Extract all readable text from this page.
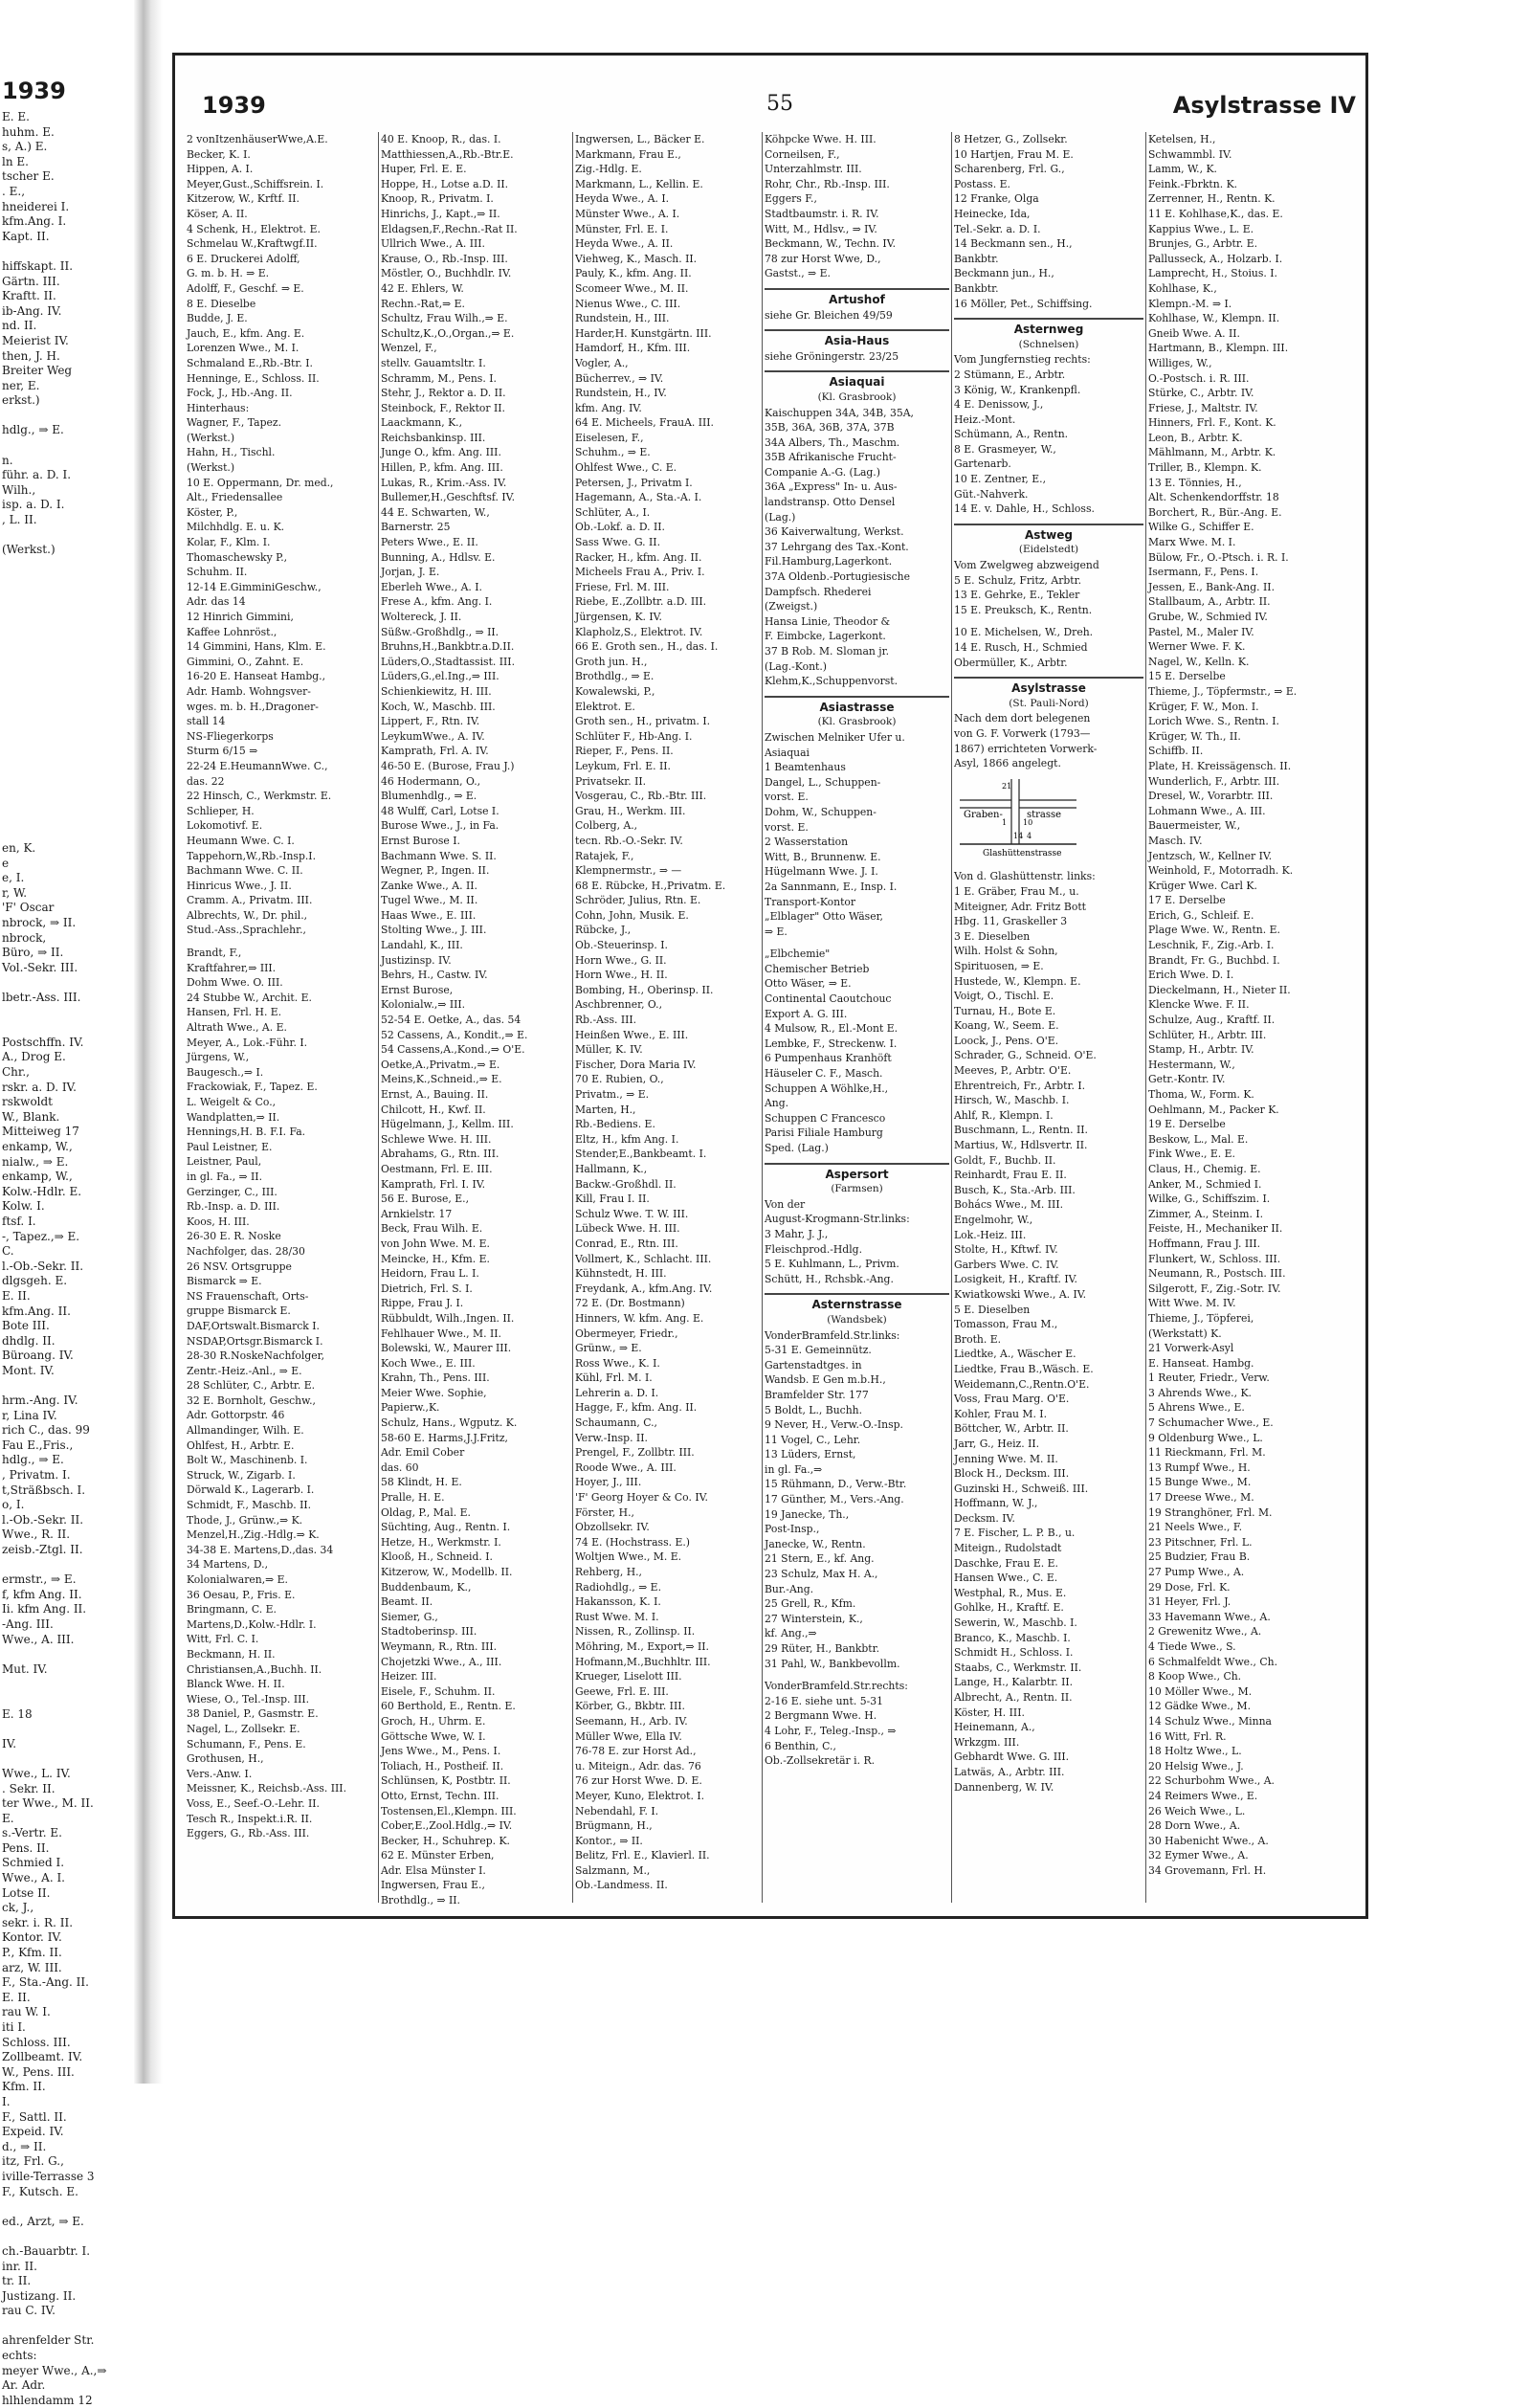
1939
E. E.
huhm. E.
s, A.) E.
ln E.
tscher E.
. E.,
hneiderei I.
kfm.Ang. I.
Kapt. II.
hiffskapt. II.
Gärtn. III.
Kraftt. II.
ib-Ang. IV.
nd. II.
Meierist IV.
then, J. H.
Breiter Weg
ner, E.
erkst.)
hdlg., ⇒ E.
n.
führ. a. D. I.
Wilh.,
isp. a. D. I.
, L. II.
(Werkst.)
en, K.
e
e, I.
r, W.
'F' Oscar
nbrock, ⇒ II.
nbrock,
Büro, ⇒ II.
Vol.-Sekr. III.
lbetr.-Ass. III.
Postschffn. IV.
A., Drog E.
Chr.,
rskr. a. D. IV.
rskwoldt
W., Blank.
Mitteiweg 17
enkamp, W.,
nialw., ⇒ E.
enkamp, W.,
Kolw.-Hdlr. E.
Kolw. I.
ftsf. I.
-, Tapez.,⇒ E.
C.
l.-Ob.-Sekr. II.
dlgsgeh. E.
E. II.
kfm.Ang. II.
Bote III.
dhdlg. II.
Büroang. IV.
Mont. IV.
hrm.-Ang. IV.
r, Lina IV.
rich C., das. 99
Fau E.,Fris.,
hdlg., ⇒ E.
, Privatm. I.
t,Sträßbsch. I.
o, I.
l.-Ob.-Sekr. II.
Wwe., R. II.
zeisb.-Ztgl. II.
ermstr., ⇒ E.
f, kfm Ang. II.
Ii. kfm Ang. II.
-Ang. III.
Wwe., A. III.
Mut. IV.
E. 18
IV.
Wwe., L. IV.
. Sekr. II.
ter Wwe., M. II.
E.
s.-Vertr. E.
Pens. II.
Schmied I.
Wwe., A. I.
Lotse II.
ck, J.,
sekr. i. R. II.
Kontor. IV.
P., Kfm. II.
arz, W. III.
F., Sta.-Ang. II.
E. II.
rau W. I.
iti I.
Schloss. III.
Zollbeamt. IV.
W., Pens. III.
Kfm. II.
I.
F., Sattl. II.
Expeid. IV.
d., ⇒ II.
itz, Frl. G.,
iville-Terrasse 3
F., Kutsch. E.
ed., Arzt, ⇒ E.
ch.-Bauarbtr. I.
inr. II.
tr. II.
Justizang. II.
rau C. IV.
ahrenfelder Str.
echts:
meyer Wwe., A.,⇒
Ar. Adr.
hlhlendamm 12
1939	55	Asylstrasse IV
2 vonItzenhäuserWwe,A.E.
Becker, K. I.
Hippen, A. I.
Meyer,Gust.,Schiffsrein. I.
Kitzerow, W., Krftf. II.
Köser, A. II.
4 Schenk, H., Elektrot. E.
Schmelau W.,Kraftwgf.II.
6 E. Druckerei Adolff,
G. m. b. H. ⇒ E.
Adolff, F., Geschf. ⇒ E.
8 E. Dieselbe
Budde, J. E.
Jauch, E., kfm. Ang. E.
Lorenzen Wwe., M. I.
Schmaland E.,Rb.-Btr. I.
Henninge, E., Schloss. II.
Fock, J., Hb.-Ang. II.
Hinterhaus:
Wagner, F., Tapez.
(Werkst.)
Hahn, H., Tischl.
(Werkst.)
10 E. Oppermann, Dr. med.,
Alt., Friedensallee
Köster, P.,
Milchhdlg. E. u. K.
Kolar, F., Klm. I.
Thomaschewsky P.,
Schuhm. II.
12-14 E.GimminiGeschw.,
Adr. das 14
12 Hinrich Gimmini,
Kaffee Lohnröst.,
14 Gimmini, Hans, Klm. E.
Gimmini, O., Zahnt. E.
16-20 E. Hanseat Hambg.,
Adr. Hamb. Wohngsver-
wges. m. b. H.,Dragoner-
stall 14
NS-Fliegerkorps
Sturm 6/15 ⇒
22-24 E.HeumannWwe. C.,
das. 22
22 Hinsch, C., Werkmstr. E.
Schlieper, H.
Lokomotivf. E.
Heumann Wwe. C. I.
Tappehorn,W.,Rb.-Insp.I.
Bachmann Wwe. C. II.
Hinricus Wwe., J. II.
Cramm. A., Privatm. III.
Albrechts, W., Dr. phil.,
Stud.-Ass.,Sprachlehr.,
Brandt, F.,
Kraftfahrer,⇒ III.
Dohm Wwe. O. III.
24 Stubbe W., Archit. E.
Hansen, Frl. H. E.
Altrath Wwe., A. E.
Meyer, A., Lok.-Führ. I.
Jürgens, W.,
Baugesch.,⇒ I.
Frackowiak, F., Tapez. E.
L. Weigelt & Co.,
Wandplatten,⇒ II.
Hennings,H. B. F.I. Fa.
Paul Leistner, E.
Leistner, Paul,
in gl. Fa., ⇒ II.
Gerzinger, C., III.
Rb.-Insp. a. D. III.
Koos, H. III.
26-30 E. R. Noske
Nachfolger, das. 28/30
26 NSV. Ortsgruppe
Bismarck ⇒ E.
NS Frauenschaft, Orts-
gruppe Bismarck E.
DAF,Ortswalt.Bismarck I.
NSDAP,Ortsgr.Bismarck I.
28-30 R.NoskeNachfolger,
Zentr.-Heiz.-Anl., ⇒ E.
28 Schlüter, C., Arbtr. E.
32 E. Bornholt, Geschw.,
Adr. Gottorpstr. 46
Allmandinger, Wilh. E.
Ohlfest, H., Arbtr. E.
Bolt W., Maschinenb. I.
Struck, W., Zigarb. I.
Dörwald K., Lagerarb. I.
Schmidt, F., Maschb. II.
Thode, J., Grünw.,⇒ K.
Menzel,H.,Zig.-Hdlg.⇒ K.
34-38 E. Martens,D.,das. 34
34 Martens, D.,
Kolonialwaren,⇒ E.
36 Oesau, P., Fris. E.
Bringmann, C. E.
Martens,D.,Kolw.-Hdlr. I.
Witt, Frl. C. I.
Beckmann, H. II.
Christiansen,A.,Buchh. II.
Blanck Wwe. H. II.
Wiese, O., Tel.-Insp. III.
38 Daniel, P., Gasmstr. E.
Nagel, L., Zollsekr. E.
Schumann, F., Pens. E.
Grothusen, H.,
Vers.-Anw. I.
Meissner, K., Reichsb.-Ass. III.
Voss, E., Seef.-O.-Lehr. II.
Tesch R., Inspekt.i.R. II.
Eggers, G., Rb.-Ass. III.
40 E. Knoop, R., das. I.
Matthiessen,A.,Rb.-Btr.E.
Huper, Frl. E. E.
Hoppe, H., Lotse a.D. II.
Knoop, R., Privatm. I.
Hinrichs, J., Kapt.,⇒ II.
Eldagsen,F.,Rechn.-Rat II.
Ullrich Wwe., A. III.
Krause, O., Rb.-Insp. III.
Möstler, O., Buchhdlr. IV.
42 E. Ehlers, W.
Rechn.-Rat,⇒ E.
Schultz, Frau Wilh.,⇒ E.
Schultz,K.,O.,Organ.,⇒ E.
Wenzel, F.,
stellv. Gauamtsltr. I.
Schramm, M., Pens. I.
Stehr, J., Rektor a. D. II.
Steinbock, F., Rektor II.
Laackmann, K.,
Reichsbankinsp. III.
Junge O., kfm. Ang. III.
Hillen, P., kfm. Ang. III.
Lukas, R., Krim.-Ass. IV.
Bullemer,H.,Geschftsf. IV.
44 E. Schwarten, W.,
Barnerstr. 25
Peters Wwe., E. II.
Bunning, A., Hdlsv. E.
Jorjan, J. E.
Eberleh Wwe., A. I.
Frese A., kfm. Ang. I.
Woltereck, J. II.
Süßw.-Großhdlg., ⇒ II.
Bruhns,H.,Bankbtr.a.D.II.
Lüders,O.,Stadtassist. III.
Lüders,G.,el.Ing.,⇒ III.
Schienkiewitz, H. III.
Koch, W., Maschb. III.
Lippert, F., Rtn. IV.
LeykumWwe., A. IV.
Kamprath, Frl. A. IV.
46-50 E. (Burose, Frau J.)
46 Hodermann, O.,
Blumenhdlg., ⇒ E.
48 Wulff, Carl, Lotse I.
Burose Wwe., J., in Fa.
Ernst Burose I.
Bachmann Wwe. S. II.
Wegner, P., Ingen. II.
Zanke Wwe., A. II.
Tugel Wwe., M. II.
Haas Wwe., E. III.
Stolting Wwe., J. III.
Landahl, K., III.
Justizinsp. IV.
Behrs, H., Castw. IV.
Ernst Burose,
Kolonialw.,⇒ III.
52-54 E. Oetke, A., das. 54
52 Cassens, A., Kondit.,⇒ E.
54 Cassens,A.,Kond.,⇒ O'E.
Oetke,A.,Privatm.,⇒ E.
Meins,K.,Schneid.,⇒ E.
Ernst, A., Bauing. II.
Chilcott, H., Kwf. II.
Hügelmann, J., Kellm. III.
Schlewe Wwe. H. III.
Abrahams, G., Rtn. III.
Oestmann, Frl. E. III.
Kamprath, Frl. I. IV.
56 E. Burose, E.,
Arnkielstr. 17
Beck, Frau Wilh. E.
von John Wwe. M. E.
Meincke, H., Kfm. E.
Heidorn, Frau L. I.
Dietrich, Frl. S. I.
Rippe, Frau J. I.
Rübbuldt, Wilh.,Ingen. II.
Fehlhauer Wwe., M. II.
Bolewski, W., Maurer III.
Koch Wwe., E. III.
Krahn, Th., Pens. III.
Meier Wwe. Sophie,
Papierw.,K.
Schulz, Hans., Wgputz. K.
58-60 E. Harms,J.J.Fritz,
Adr. Emil Cober
das. 60
58 Klindt, H. E.
Pralle, H. E.
Oldag, P., Mal. E.
Süchting, Aug., Rentn. I.
Hetze, H., Werkmstr. I.
Klooß, H., Schneid. I.
Kitzerow, W., Modellb. II.
Buddenbaum, K.,
Beamt. II.
Siemer, G.,
Stadtoberinsp. III.
Weymann, R., Rtn. III.
Chojetzki Wwe., A., III.
Heizer. III.
Eisele, F., Schuhm. II.
60 Berthold, E., Rentn. E.
Groch, H., Uhrm. E.
Göttsche Wwe, W. I.
Jens Wwe., M., Pens. I.
Toliach, H., Postheif. II.
Schlünsen, K, Postbtr. II.
Otto, Ernst, Techn. III.
Tostensen,El.,Klempn. III.
Cober,E.,Zool.Hdlg.,⇒ IV.
Becker, H., Schuhrep. K.
62 E. Münster Erben,
Adr. Elsa Münster I.
Ingwersen, Frau E.,
Brothdlg., ⇒ II.
Ingwersen, L., Bäcker E.
Markmann, Frau E.,
Zig.-Hdlg. E.
Markmann, L., Kellin. E.
Heyda Wwe., A. I.
Münster Wwe., A. I.
Münster, Frl. E. I.
Heyda Wwe., A. II.
Viehweg, K., Masch. II.
Pauly, K., kfm. Ang. II.
Scomeer Wwe., M. II.
Nienus Wwe., C. III.
Rundstein, H., III.
Harder,H. Kunstgärtn. III.
Hamdorf, H., Kfm. III.
Vogler, A.,
Bücherrev., ⇒ IV.
Rundstein, H., IV.
kfm. Ang. IV.
64 E. Micheels, FrauA. III.
Eiselesen, F.,
Schuhm., ⇒ E.
Ohlfest Wwe., C. E.
Petersen, J., Privatm I.
Hagemann, A., Sta.-A. I.
Schlüter, A., I.
Ob.-Lokf. a. D. II.
Sass Wwe. G. II.
Racker, H., kfm. Ang. II.
Micheels Frau A., Priv. I.
Friese, Frl. M. III.
Riebe, E.,Zollbtr. a.D. III.
Jürgensen, K. IV.
Klapholz,S., Elektrot. IV.
66 E. Groth sen., H., das. I.
Groth jun. H.,
Brothdlg., ⇒ E.
Kowalewski, P.,
Elektrot. E.
Groth sen., H., privatm. I.
Schlüter F., Hb-Ang. I.
Rieper, F., Pens. II.
Leykum, Frl. E. II.
Privatsekr. II.
Vosgerau, C., Rb.-Btr. III.
Grau, H., Werkm. III.
Colberg, A.,
tecn. Rb.-O.-Sekr. IV.
Ratajek, F.,
Klempnermstr., ⇒ —
68 E. Rübcke, H.,Privatm. E.
Schröder, Julius, Rtn. E.
Cohn, John, Musik. E.
Rübcke, J.,
Ob.-Steuerinsp. I.
Horn Wwe., G. II.
Horn Wwe., H. II.
Bombing, H., Oberinsp. II.
Aschbrenner, O.,
Rb.-Ass. III.
Heinßen Wwe., E. III.
Müller, K. IV.
Fischer, Dora Maria IV.
70 E. Rubien, O.,
Privatm., ⇒ E.
Marten, H.,
Rb.-Bediens. E.
Eltz, H., kfm Ang. I.
Stender,E.,Bankbeamt. I.
Hallmann, K.,
Backw.-Großhdl. II.
Kill, Frau I. II.
Schulz Wwe. T. W. III.
Lübeck Wwe. H. III.
Conrad, E., Rtn. III.
Vollmert, K., Schlacht. III.
Kühnstedt, H. III.
Freydank, A., kfm.Ang. IV.
72 E. (Dr. Bostmann)
Hinners, W. kfm. Ang. E.
Obermeyer, Friedr.,
Grünw., ⇒ E.
Ross Wwe., K. I.
Kühl, Frl. M. I.
Lehrerin a. D. I.
Hagge, F., kfm. Ang. II.
Schaumann, C.,
Verw.-Insp. II.
Prengel, F., Zollbtr. III.
Roode Wwe., A. III.
Hoyer, J., III.
'F' Georg Hoyer & Co. IV.
Förster, H.,
Obzollsekr. IV.
74 E. (Hochstrass. E.)
Woltjen Wwe., M. E.
Rehberg, H.,
Radiohdlg., ⇒ E.
Hakansson, K. I.
Rust Wwe. M. I.
Nissen, R., Zollinsp. II.
Möhring, M., Export,⇒ II.
Hofmann,M.,Buchhltr. III.
Krueger, Liselott III.
Geewe, Frl. E. III.
Körber, G., Bkbtr. III.
Seemann, H., Arb. IV.
Müller Wwe, Ella IV.
76-78 E. zur Horst Ad.,
u. Miteign., Adr. das. 76
76 zur Horst Wwe. D. E.
Meyer, Kuno, Elektrot. I.
Nebendahl, F. I.
Brügmann, H.,
Kontor., ⇒ II.
Belitz, Frl. E., Klavierl. II.
Salzmann, M.,
Ob.-Landmess. II.
Köhpcke Wwe. H. III.
Corneilsen, F.,
Unterzahlmstr. III.
Rohr, Chr., Rb.-Insp. III.
Eggers F.,
Stadtbaumstr. i. R. IV.
Witt, M., Hdlsv., ⇒ IV.
Beckmann, W., Techn. IV.
78 zur Horst Wwe, D.,
Gastst., ⇒ E.
Artushof
siehe Gr. Bleichen 49/59
Asia-Haus
siehe Gröningerstr. 23/25
Asiaquai
(Kl. Grasbrook)
Kaischuppen 34A, 34B, 35A,
35B, 36A, 36B, 37A, 37B
34A Albers, Th., Maschm.
35B Afrikanische Frucht-
Companie A.-G. (Lag.)
36A „Express" In- u. Aus-
landstransp. Otto Densel
(Lag.)
36 Kaiverwaltung, Werkst.
37 Lehrgang des Tax.-Kont.
Fil.Hamburg,Lagerkont.
37A Oldenb.-Portugiesische
Dampfsch. Rhederei
(Zweigst.)
Hansa Linie, Theodor &
F. Eimbcke, Lagerkont.
37 B Rob. M. Sloman jr.
(Lag.-Kont.)
Klehm,K.,Schuppenvorst.
Asiastrasse
(Kl. Grasbrook)
Zwischen Melniker Ufer u.
Asiaquai
1 Beamtenhaus
Dangel, L., Schuppen-
vorst. E.
Dohm, W., Schuppen-
vorst. E.
2 Wasserstation
Witt, B., Brunnenw. E.
Hügelmann Wwe. J. I.
2a Sannmann, E., Insp. I.
Transport-Kontor
„Elblager" Otto Wäser,
⇒ E.
„Elbchemie"
Chemischer Betrieb
Otto Wäser, ⇒ E.
Continental Caoutchouc
Export A. G. III.
4 Mulsow, R., El.-Mont E.
Lembke, F., Streckenw. I.
6 Pumpenhaus Kranhöft
Häuseler C. F., Masch.
Schuppen A Wöhlke,H.,
Ang.
Schuppen C Francesco
Parisi Filiale Hamburg
Sped. (Lag.)
Aspersort
(Farmsen)
Von der
August-Krogmann-Str.links:
3 Mahr, J. J.,
Fleischprod.-Hdlg.
5 E. Kuhlmann, L., Privm.
Schütt, H., Rchsbk.-Ang.
Asternstrasse
(Wandsbek)
VonderBramfeld.Str.links:
5-31 E. Gemeinnütz.
Gartenstadtges. in
Wandsb. E Gen m.b.H.,
Bramfelder Str. 177
5 Boldt, L., Buchh.
9 Never, H., Verw.-O.-Insp.
11 Vogel, C., Lehr.
13 Lüders, Ernst,
in gl. Fa.,⇒
15 Rühmann, D., Verw.-Btr.
17 Günther, M., Vers.-Ang.
19 Janecke, Th.,
Post-Insp.,
Janecke, W., Rentn.
21 Stern, E., kf. Ang.
23 Schulz, Max H. A.,
Bur.-Ang.
25 Grell, R., Kfm.
27 Winterstein, K.,
kf. Ang.,⇒
29 Rüter, H., Bankbtr.
31 Pahl, W., Bankbevollm.
VonderBramfeld.Str.rechts:
2-16 E. siehe unt. 5-31
2 Bergmann Wwe. H.
4 Lohr, F., Teleg.-Insp., ⇒
6 Benthin, C.,
Ob.-Zollsekretär i. R.
8 Hetzer, G., Zollsekr.
10 Hartjen, Frau M. E.
Scharenberg, Frl. G.,
Postass. E.
12 Franke, Olga
Heinecke, Ida,
Tel.-Sekr. a. D. I.
14 Beckmann sen., H.,
Bankbtr.
Beckmann jun., H.,
Bankbtr.
16 Möller, Pet., Schiffsing.
Asternweg
(Schnelsen)
Vom Jungfernstieg rechts:
2 Stümann, E., Arbtr.
3 König, W., Krankenpfl.
4 E. Denissow, J.,
Heiz.-Mont.
Schümann, A., Rentn.
8 E. Grasmeyer, W.,
Gartenarb.
10 E. Zentner, E.,
Güt.-Nahverk.
14 E. v. Dahle, H., Schloss.
Astweg
(Eidelstedt)
Vom Zwelgweg abzweigend
5 E. Schulz, Fritz, Arbtr.
13 E. Gehrke, E., Tekler
15 E. Preuksch, K., Rentn.
10 E. Michelsen, W., Dreh.
14 E. Rusch, H., Schmied
Obermüller, K., Arbtr.
Asylstrasse
(St. Pauli-Nord)
Nach dem dort belegenen
von G. F. Vorwerk (1793—
1867) errichteten Vorwerk-
Asyl, 1866 angelegt.
Graben-	strasse
21
1 10
14 4
Glashüttenstrasse
Von d. Glashüttenstr. links:
1 E. Gräber, Frau M., u.
Miteigner, Adr. Fritz Bott
Hbg. 11, Graskeller 3
3 E. Dieselben
Wilh. Holst & Sohn,
Spirituosen, ⇒ E.
Hustede, W., Klempn. E.
Voigt, O., Tischl. E.
Turnau, H., Bote E.
Koang, W., Seem. E.
Loock, J., Pens. O'E.
Schrader, G., Schneid. O'E.
Meeves, P., Arbtr. O'E.
Ehrentreich, Fr., Arbtr. I.
Hirsch, W., Maschb. I.
Ahlf, R., Klempn. I.
Buschmann, L., Rentn. II.
Martius, W., Hdlsvertr. II.
Goldt, F., Buchb. II.
Reinhardt, Frau E. II.
Busch, K., Sta.-Arb. III.
Bohács Wwe., M. III.
Engelmohr, W.,
Lok.-Heiz. III.
Stolte, H., Kftwf. IV.
Garbers Wwe. C. IV.
Losigkeit, H., Kraftf. IV.
Kwiatkowski Wwe., A. IV.
5 E. Dieselben
Tomasson, Frau M.,
Broth. E.
Liedtke, A., Wäscher E.
Liedtke, Frau B.,Wäsch. E.
Weidemann,C.,Rentn.O'E.
Voss, Frau Marg. O'E.
Kohler, Frau M. I.
Böttcher, W., Arbtr. II.
Jarr, G., Heiz. II.
Jenning Wwe. M. II.
Block H., Decksm. III.
Guzinski H., Schweiß. III.
Hoffmann, W. J.,
Decksm. IV.
7 E. Fischer, L. P. B., u.
Miteign., Rudolstadt
Daschke, Frau E. E.
Hansen Wwe., C. E.
Westphal, R., Mus. E.
Gohlke, H., Kraftf. E.
Sewerin, W., Maschb. I.
Branco, K., Maschb. I.
Schmidt H., Schloss. I.
Staabs, C., Werkmstr. II.
Lange, H., Kalarbtr. II.
Albrecht, A., Rentn. II.
Köster, H. III.
Heinemann, A.,
Wrkzgm. III.
Gebhardt Wwe. G. III.
Latwäs, A., Arbtr. III.
Dannenberg, W. IV.
Ketelsen, H.,
Schwammbl. IV.
Lamm, W., K.
Feink.-Fbrktn. K.
Zerrenner, H., Rentn. K.
11 E. Kohlhase,K., das. E.
Kappius Wwe., L. E.
Brunjes, G., Arbtr. E.
Pallusseck, A., Holzarb. I.
Lamprecht, H., Stoius. I.
Kohlhase, K.,
Klempn.-M. ⇒ I.
Kohlhase, W., Klempn. II.
Gneib Wwe. A. II.
Hartmann, B., Klempn. III.
Williges, W.,
O.-Postsch. i. R. III.
Stürke, C., Arbtr. IV.
Friese, J., Maltstr. IV.
Hinners, Frl. F., Kont. K.
Leon, B., Arbtr. K.
Mählmann, M., Arbtr. K.
Triller, B., Klempn. K.
13 E. Tönnies, H.,
Alt. Schenkendorffstr. 18
Borchert, R., Bür.-Ang. E.
Wilke G., Schiffer E.
Marx Wwe. M. I.
Bülow, Fr., O.-Ptsch. i. R. I.
Isermann, F., Pens. I.
Jessen, E., Bank-Ang. II.
Stallbaum, A., Arbtr. II.
Grube, W., Schmied IV.
Pastel, M., Maler IV.
Werner Wwe. F. K.
Nagel, W., Kelln. K.
15 E. Derselbe
Thieme, J., Töpfermstr., ⇒ E.
Krüger, F. W., Mon. I.
Lorich Wwe. S., Rentn. I.
Krüger, W. Th., II.
Schiffb. II.
Plate, H. Kreissägensch. II.
Wunderlich, F., Arbtr. III.
Dresel, W., Vorarbtr. III.
Lohmann Wwe., A. III.
Bauermeister, W.,
Masch. IV.
Jentzsch, W., Kellner IV.
Weinhold, F., Motorradh. K.
Krüger Wwe. Carl K.
17 E. Derselbe
Erich, G., Schleif. E.
Plage Wwe. W., Rentn. E.
Leschnik, F., Zig.-Arb. I.
Brandt, Fr. G., Buchbd. I.
Erich Wwe. D. I.
Dieckelmann, H., Nieter II.
Klencke Wwe. F. II.
Schulze, Aug., Kraftf. II.
Schlüter, H., Arbtr. III.
Stamp, H., Arbtr. IV.
Hestermann, W.,
Getr.-Kontr. IV.
Thoma, W., Form. K.
Oehlmann, M., Packer K.
19 E. Derselbe
Beskow, L., Mal. E.
Fink Wwe., E. E.
Claus, H., Chemig. E.
Anker, M., Schmied I.
Wilke, G., Schiffszim. I.
Zimmer, A., Steinm. I.
Feiste, H., Mechaniker II.
Hoffmann, Frau J. III.
Flunkert, W., Schloss. III.
Neumann, R., Postsch. III.
Silgerott, F., Zig.-Sotr. IV.
Witt Wwe. M. IV.
Thieme, J., Töpferei,
(Werkstatt) K.
21 Vorwerk-Asyl
E. Hanseat. Hambg.
1 Reuter, Friedr., Verw.
3 Ahrends Wwe., K.
5 Ahrens Wwe., E.
7 Schumacher Wwe., E.
9 Oldenburg Wwe., L.
11 Rieckmann, Frl. M.
13 Rumpf Wwe., H.
15 Bunge Wwe., M.
17 Dreese Wwe., M.
19 Stranghöner, Frl. M.
21 Neels Wwe., F.
23 Pitschner, Frl. L.
25 Budzier, Frau B.
27 Pump Wwe., A.
29 Dose, Frl. K.
31 Heyer, Frl. J.
33 Havemann Wwe., A.
2 Grewenitz Wwe., A.
4 Tiede Wwe., S.
6 Schmalfeldt Wwe., Ch.
8 Koop Wwe., Ch.
10 Möller Wwe., M.
12 Gädke Wwe., M.
14 Schulz Wwe., Minna
16 Witt, Frl. R.
18 Holtz Wwe., L.
20 Helsig Wwe., J.
22 Schurbohm Wwe., A.
24 Reimers Wwe., E.
26 Weich Wwe., L.
28 Dorn Wwe., A.
30 Habenicht Wwe., A.
32 Eymer Wwe., A.
34 Grovemann, Frl. H.
